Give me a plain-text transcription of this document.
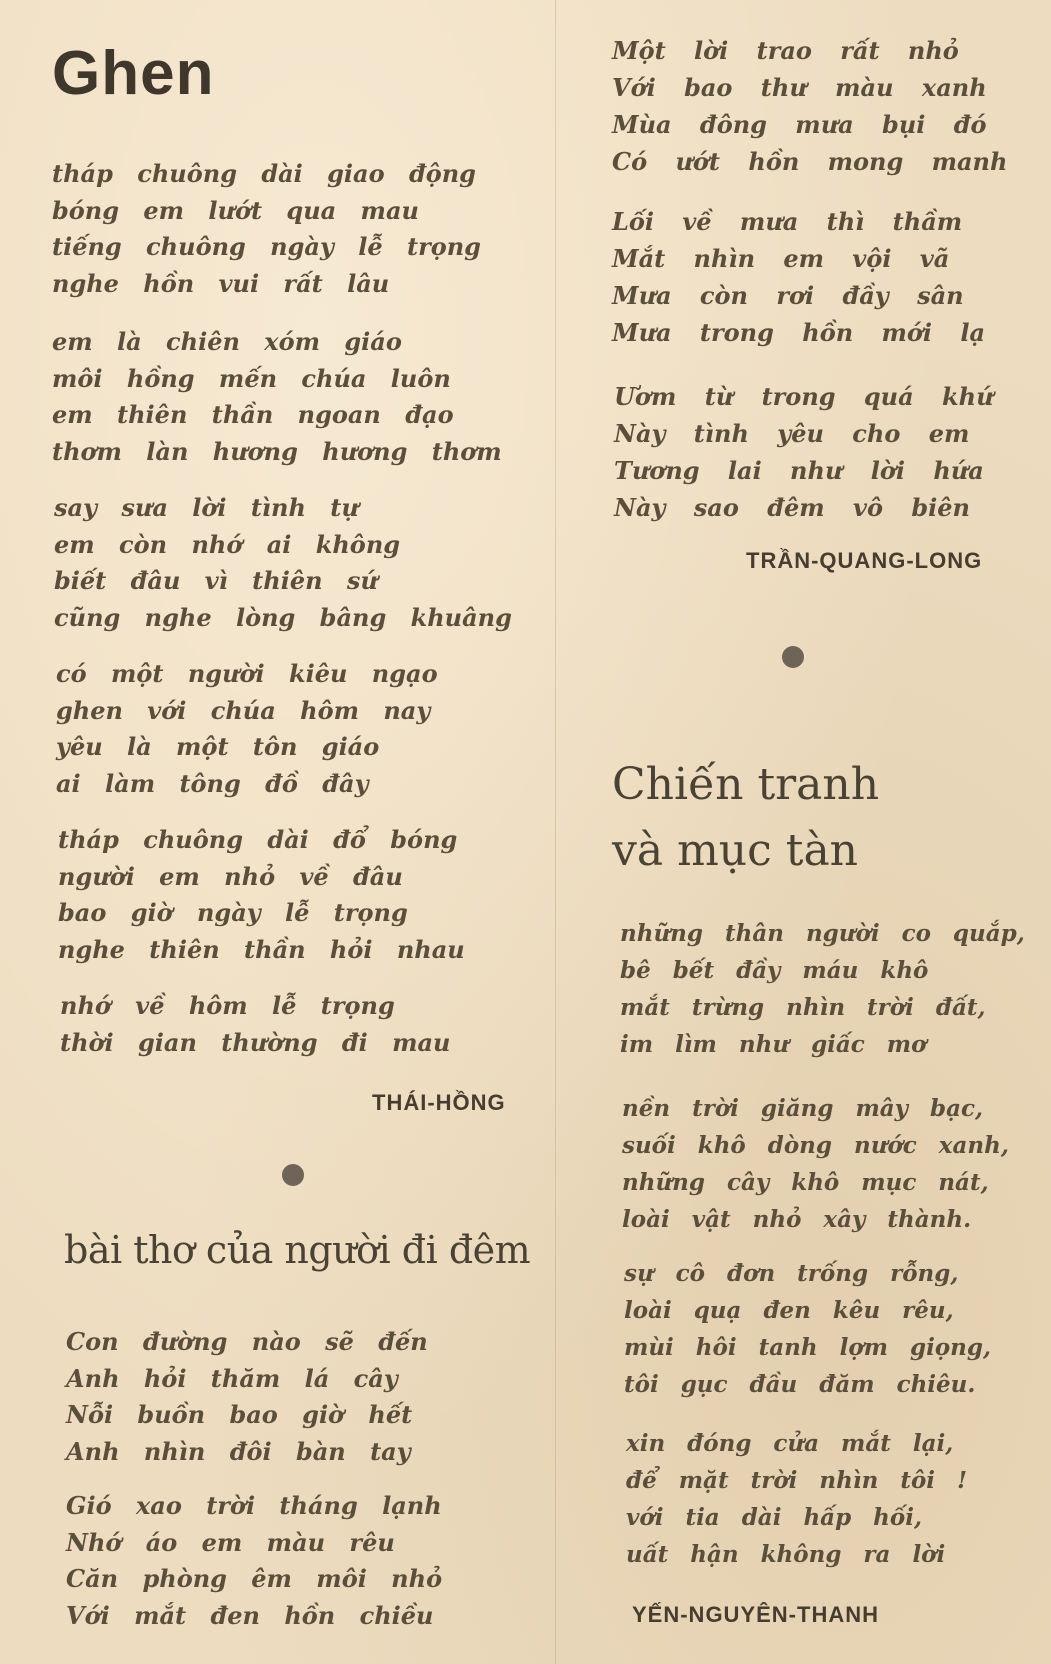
Ghen
tháp chuông dài giao động
bóng em lướt qua mau
tiếng chuông ngày lễ trọng
nghe hồn vui rất lâu
em là chiên xóm giáo
môi hồng mến chúa luôn
em thiên thần ngoan đạo
thơm làn hương hương thơm
say sưa lời tình tự
em còn nhớ ai không
biết đâu vì thiên sứ
cũng nghe lòng bâng khuâng
có một người kiêu ngạo
ghen với chúa hôm nay
yêu là một tôn giáo
ai làm tông đồ đây
tháp chuông dài đổ bóng
người em nhỏ về đâu
bao giờ ngày lễ trọng
nghe thiên thần hỏi nhau
nhớ về hôm lễ trọng
thời gian thường đi mau

THÁI-HỒNG

bài thơ của người đi đêm
Con đường nào sẽ đến
Anh hỏi thăm lá cây
Nỗi buồn bao giờ hết
Anh nhìn đôi bàn tay
Gió xao trời tháng lạnh
Nhớ áo em màu rêu
Căn phòng êm môi nhỏ
Với mắt đen hồn chiều
Một lời trao rất nhỏ
Với bao thư màu xanh
Mùa đông mưa bụi đó
Có ướt hồn mong manh
Lối về mưa thì thầm
Mắt nhìn em vội vã
Mưa còn rơi đầy sân
Mưa trong hồn mới lạ
Ươm từ trong quá khứ
Này tình yêu cho em
Tương lai như lời hứa
Này sao đêm vô biên

TRẦN-QUANG-LONG

Chiến tranh
và mục tàn
những thân người co quắp,
bê bết đầy máu khô
mắt trừng nhìn trời đất,
im lìm như giấc mơ
nền trời giăng mây bạc,
suối khô dòng nước xanh,
những cây khô mục nát,
loài vật nhỏ xây thành.
sự cô đơn trống rỗng,
loài quạ đen kêu rêu,
mùi hôi tanh lợm giọng,
tôi gục đầu đăm chiêu.
xin đóng cửa mắt lại,
để mặt trời nhìn tôi !
với tia dài hấp hối,
uất hận không ra lời

YẾN-NGUYÊN-THANH
